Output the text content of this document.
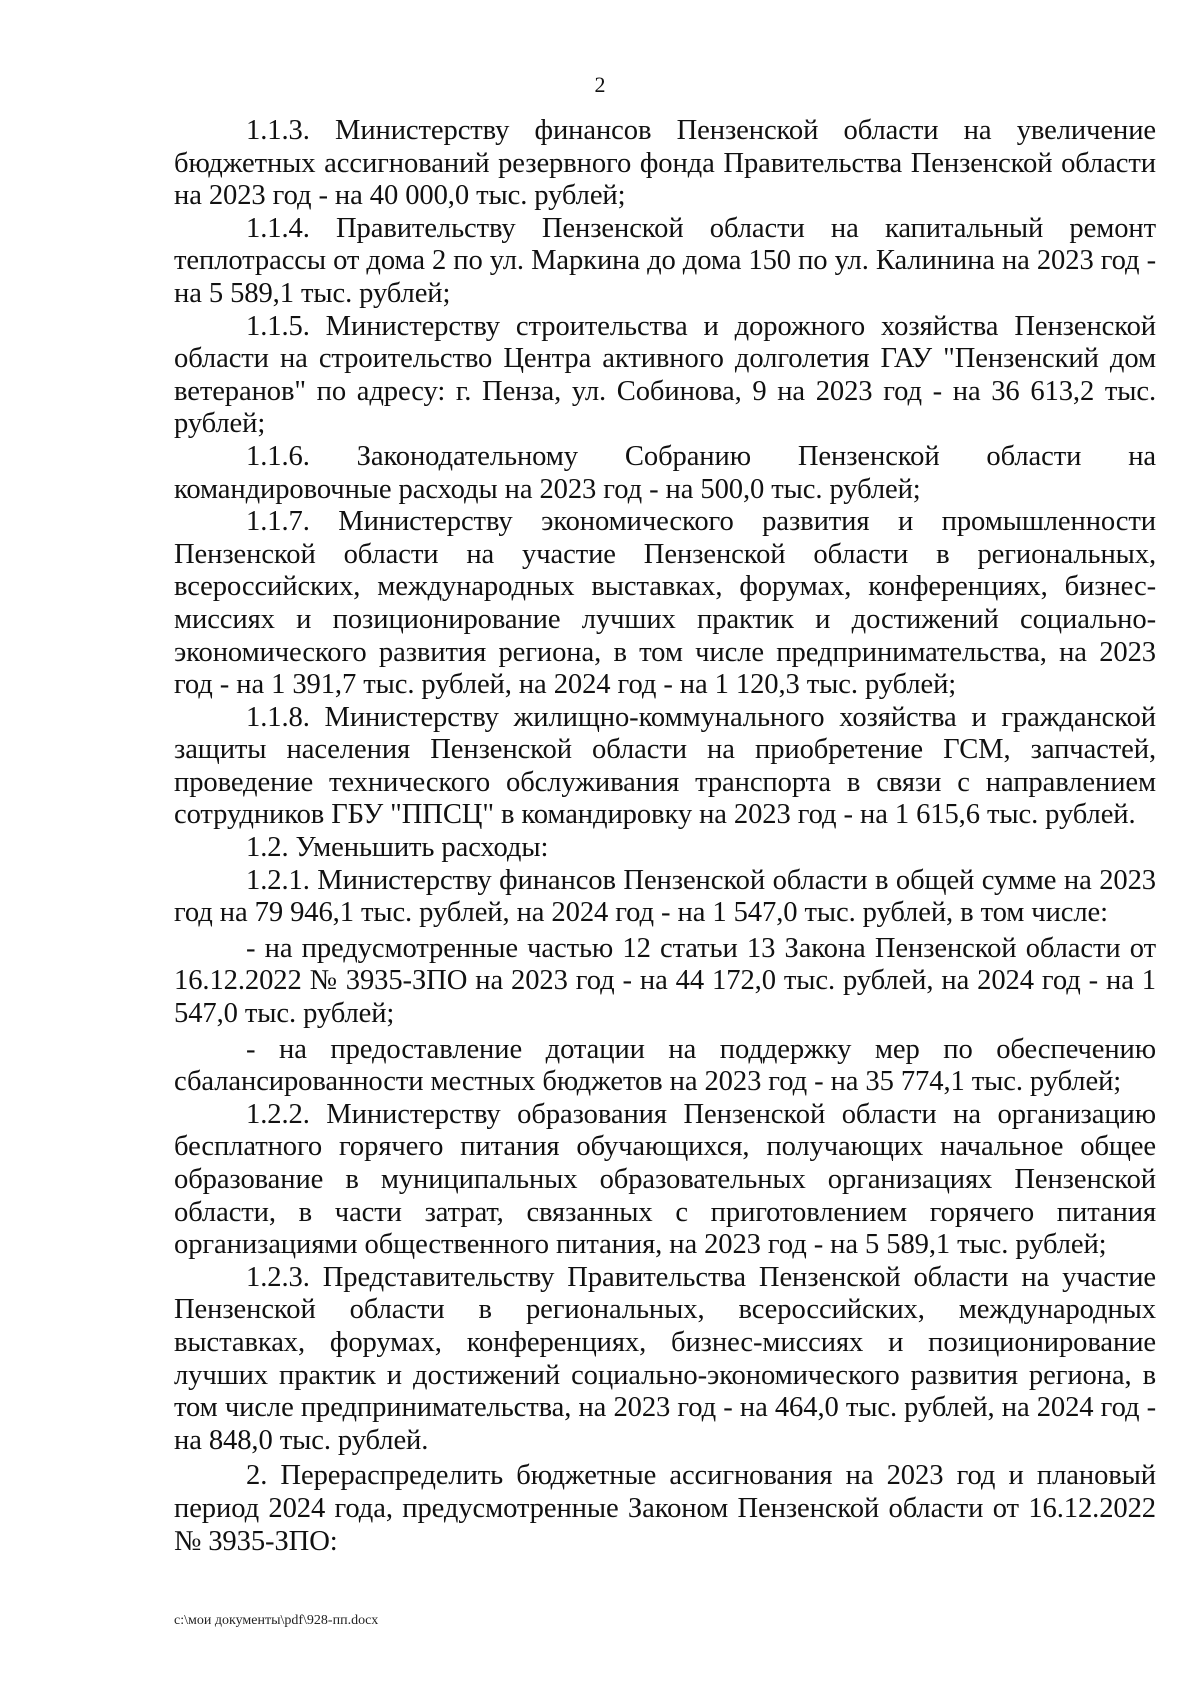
2

1.1.3. Министерству финансов Пензенской области на увеличение бюджетных ассигнований резервного фонда Правительства Пензенской области на 2023 год - на 40 000,0 тыс. рублей;

1.1.4. Правительству Пензенской области на капитальный ремонт теплотрассы от дома 2 по ул. Маркина до дома 150 по ул. Калинина на 2023 год - на 5 589,1 тыс. рублей;

1.1.5. Министерству строительства и дорожного хозяйства Пензенской области на строительство Центра активного долголетия ГАУ "Пензенский дом ветеранов" по адресу: г. Пенза, ул. Собинова, 9 на 2023 год - на 36 613,2 тыс. рублей;

1.1.6. Законодательному Собранию Пензенской области на командировочные расходы на 2023 год - на 500,0 тыс. рублей;

1.1.7. Министерству экономического развития и промышленности Пензенской области на участие Пензенской области в региональных, всероссийских, международных выставках, форумах, конференциях, бизнес-миссиях и позиционирование лучших практик и достижений социально-экономического развития региона, в том числе предпринимательства, на 2023 год - на 1 391,7 тыс. рублей, на 2024 год - на 1 120,3 тыс. рублей;

1.1.8. Министерству жилищно-коммунального хозяйства и гражданской защиты населения Пензенской области на приобретение ГСМ, запчастей, проведение технического обслуживания транспорта в связи с направлением сотрудников ГБУ "ППСЦ" в командировку на 2023 год - на 1 615,6 тыс. рублей.

1.2. Уменьшить расходы:

1.2.1. Министерству финансов Пензенской области в общей сумме на 2023 год на 79 946,1 тыс. рублей, на 2024 год - на 1 547,0 тыс. рублей, в том числе:

- на предусмотренные частью 12 статьи 13 Закона Пензенской области от 16.12.2022 № 3935-ЗПО на 2023 год - на 44 172,0 тыс. рублей, на 2024 год - на 1 547,0 тыс. рублей;

- на предоставление дотации на поддержку мер по обеспечению сбалансированности местных бюджетов на 2023 год - на 35 774,1 тыс. рублей;

1.2.2. Министерству образования Пензенской области на организацию бесплатного горячего питания обучающихся, получающих начальное общее образование в муниципальных образовательных организациях Пензенской области, в части затрат, связанных с приготовлением горячего питания организациями общественного питания, на 2023 год - на 5 589,1 тыс. рублей;

1.2.3. Представительству Правительства Пензенской области на участие Пензенской области в региональных, всероссийских, международных выставках, форумах, конференциях, бизнес-миссиях и позиционирование лучших практик и достижений социально-экономического развития региона, в том числе предпринимательства, на 2023 год - на 464,0 тыс. рублей, на 2024 год - на 848,0 тыс. рублей.

2. Перераспределить бюджетные ассигнования на 2023 год и плановый период 2024 года, предусмотренные Законом Пензенской области от 16.12.2022 № 3935-ЗПО:

c:\мои документы\pdf\928-пп.docx
